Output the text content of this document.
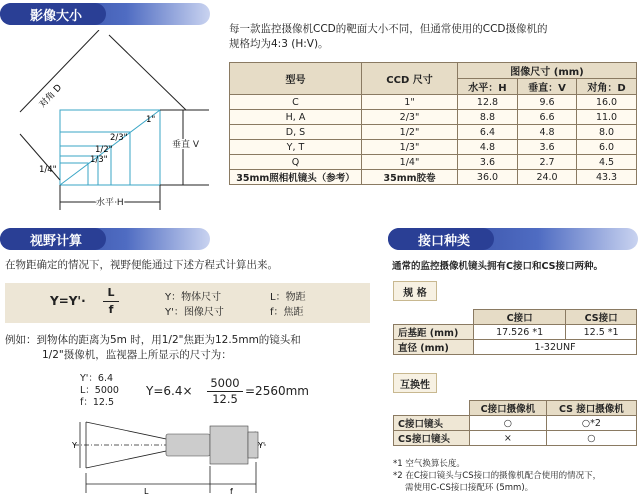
影像大小
视野计算	接口种类
每一款监控摄像机CCD的靶面大小不同，但通常使用的CCD摄像机的
规格均为4:3 (H:V)。
对角 D
垂直 V
水平 H
1"
2/3"
1/2"
1/3"
1/4"
型号	CCD 尺寸	图像尺寸 (mm)		
		水平：H	垂直：V	对角：D
C	1"	12.8	9.6	16.0
H, A	2/3"	8.8	6.6	11.0
D, S	1/2"	6.4	4.8	8.0
Y, T	1/3"	4.8	3.6	6.0
Q	1/4"	3.6	2.7	4.5
35mm照相机镜头（参考）	35mm胶卷	36.0	24.0	43.3
在物距确定的情况下，视野便能通过下述方程式计算出来。
Y=Y'·
L
f
Y：物体尺寸
Y'：图像尺寸
L：物距
f：焦距
例如：到物体的距离为5m 时，用1/2"焦距为12.5mm的镜头和
1/2"摄像机，监视器上所显示的尺寸为：
Y'：6.4
L：5000
f：12.5
Y=6.4×
5000
12.5
=2560mm
Y	Y'
L	f
通常的监控摄像机镜头拥有C接口和CS接口两种。
规 格
	C接口	CS接口
后基距 (mm)	17.526 *1	12.5 *1
直径 (mm)	1-32UNF	
互换性
	C接口摄像机	CS 接口摄像机
C接口镜头	○	○*2
CS接口镜头	×	○
*1 空气换算长度。
*2 在C接口镜头与CS接口的摄像机配合使用的情况下，
需使用C-CS接口接配环 (5mm)。
